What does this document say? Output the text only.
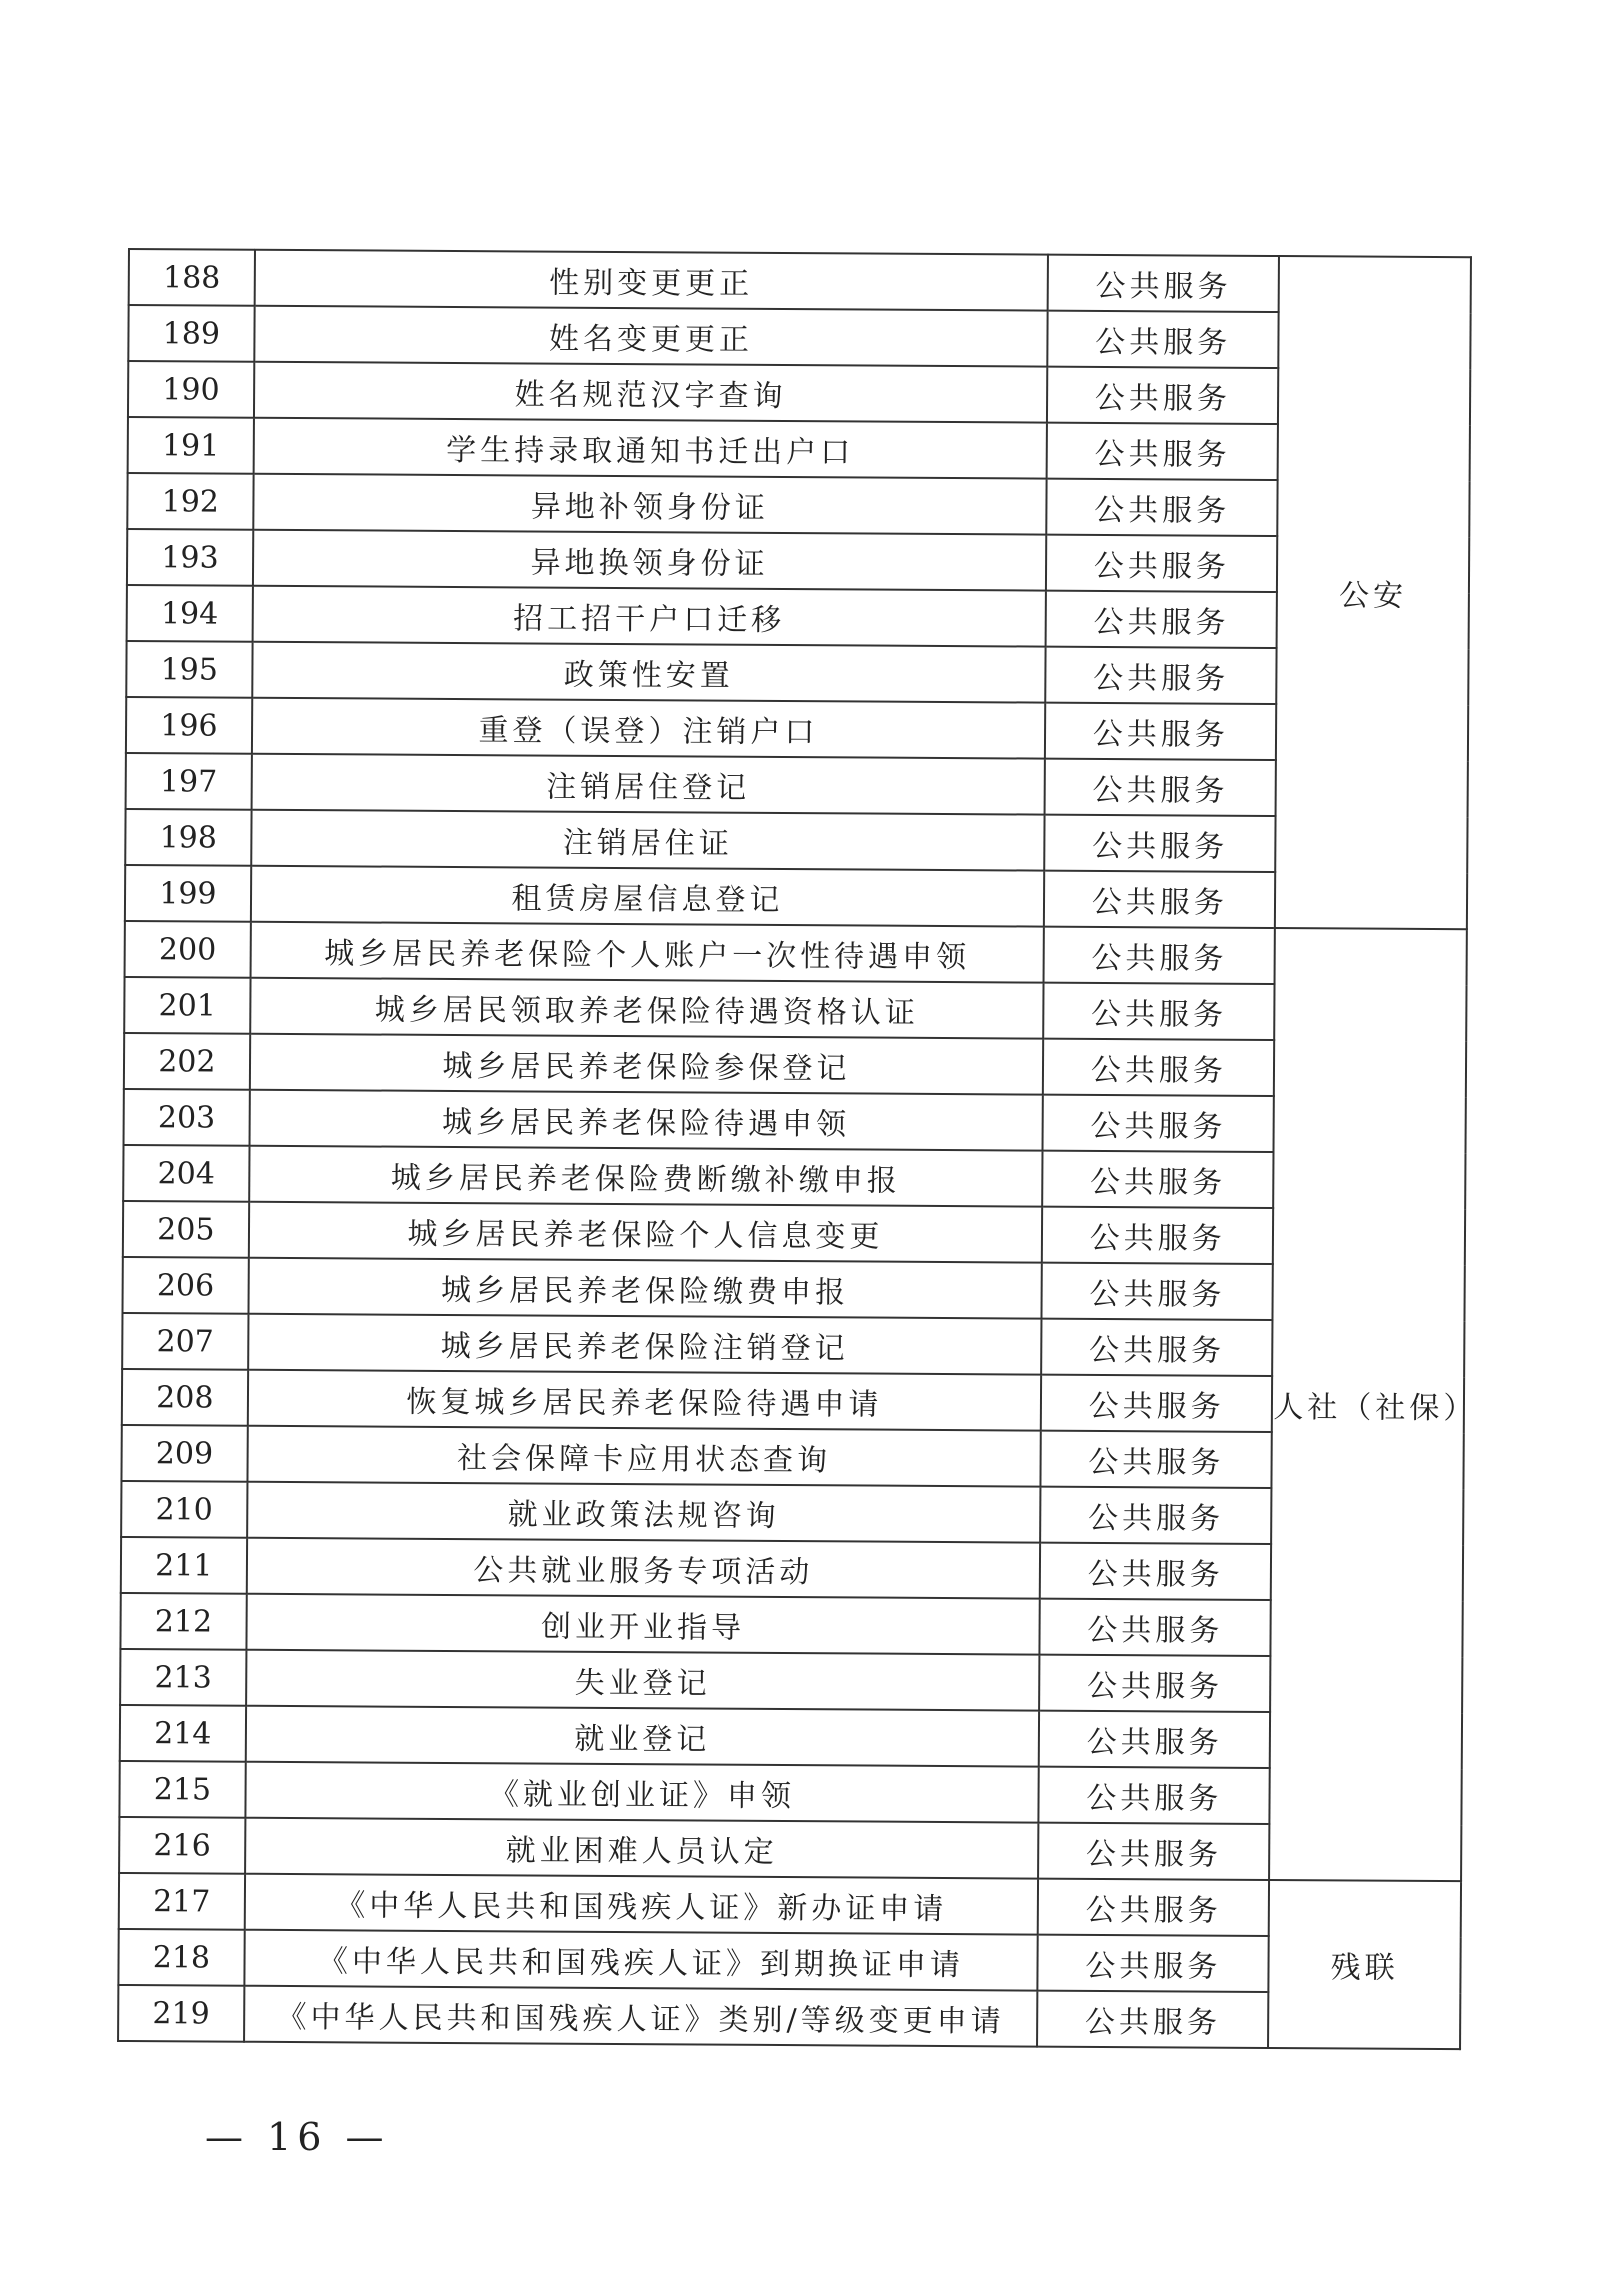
188	性别变更更正	公共服务	公安
189	姓名变更更正	公共服务	
190	姓名规范汉字查询	公共服务	
191	学生持录取通知书迁出户口	公共服务	
192	异地补领身份证	公共服务	
193	异地换领身份证	公共服务	
194	招工招干户口迁移	公共服务	
195	政策性安置	公共服务	
196	重登（误登）注销户口	公共服务	
197	注销居住登记	公共服务	
198	注销居住证	公共服务	
199	租赁房屋信息登记	公共服务	
200	城乡居民养老保险个人账户一次性待遇申领	公共服务	人社（社保）
201	城乡居民领取养老保险待遇资格认证	公共服务	
202	城乡居民养老保险参保登记	公共服务	
203	城乡居民养老保险待遇申领	公共服务	
204	城乡居民养老保险费断缴补缴申报	公共服务	
205	城乡居民养老保险个人信息变更	公共服务	
206	城乡居民养老保险缴费申报	公共服务	
207	城乡居民养老保险注销登记	公共服务	
208	恢复城乡居民养老保险待遇申请	公共服务	
209	社会保障卡应用状态查询	公共服务	
210	就业政策法规咨询	公共服务	
211	公共就业服务专项活动	公共服务	
212	创业开业指导	公共服务	
213	失业登记	公共服务	
214	就业登记	公共服务	
215	《就业创业证》申领	公共服务	
216	就业困难人员认定	公共服务	
217	《中华人民共和国残疾人证》新办证申请	公共服务	残联
218	《中华人民共和国残疾人证》到期换证申请	公共服务	
219	《中华人民共和国残疾人证》类别/等级变更申请	公共服务	
— 16 —
